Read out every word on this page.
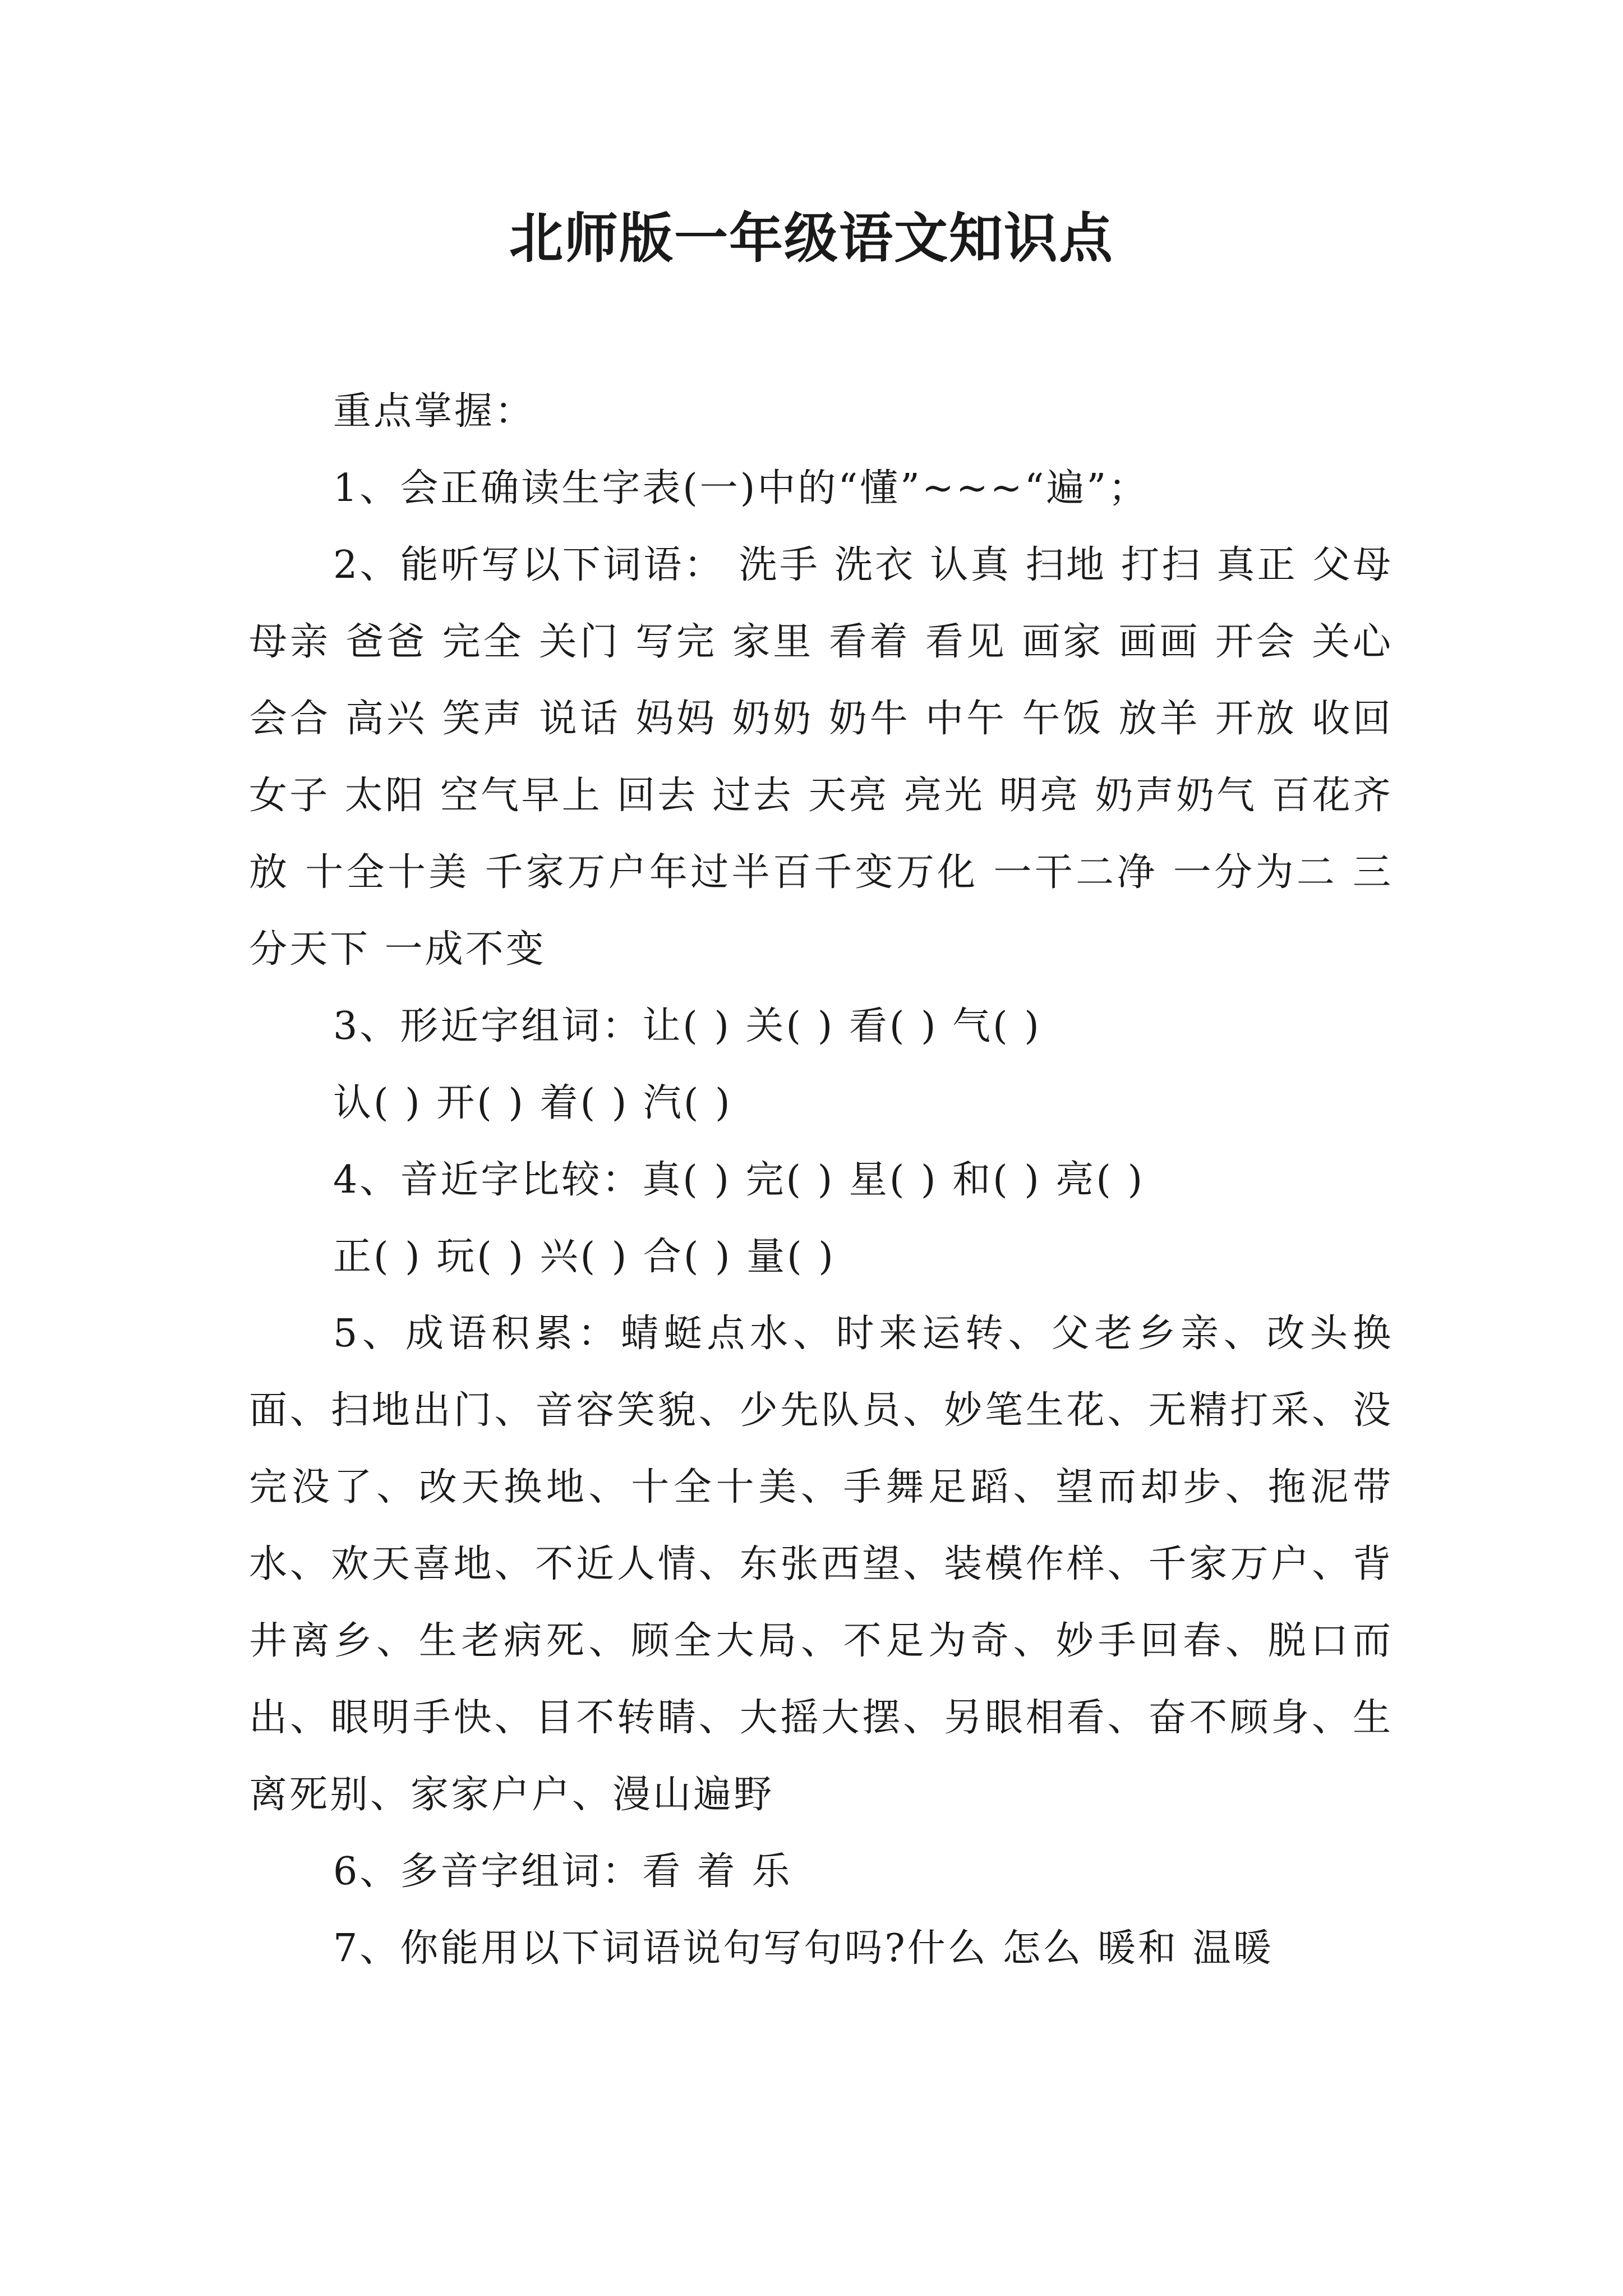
北师版一年级语文知识点

重点掌握：

1、会正确读生字表(一)中的“懂”~~~“遍”；

2、能听写以下词语： 洗手 洗衣 认真 扫地 打扫 真正 父母 母亲 爸爸 完全 关门 写完 家里 看着 看见 画家 画画 开会 关心 会合 高兴 笑声 说话 妈妈 奶奶 奶牛 中午 午饭 放羊 开放 收回 女子 太阳 空气早上 回去 过去 天亮 亮光 明亮 奶声奶气 百花齐放 十全十美 千家万户年过半百千变万化 一干二净 一分为二 三分天下 一成不变

3、形近字组词：让( ) 关( ) 看( ) 气( )

认( ) 开( ) 着( ) 汽( )

4、音近字比较：真( ) 完( ) 星( ) 和( ) 亮( )

正( ) 玩( ) 兴( ) 合( ) 量( )

5、成语积累：蜻蜓点水、时来运转、父老乡亲、改头换面、扫地出门、音容笑貌、少先队员、妙笔生花、无精打采、没完没了、改天换地、十全十美、手舞足蹈、望而却步、拖泥带水、欢天喜地、不近人情、东张西望、装模作样、千家万户、背井离乡、生老病死、顾全大局、不足为奇、妙手回春、脱口而出、眼明手快、目不转睛、大摇大摆、另眼相看、奋不顾身、生离死别、家家户户、漫山遍野

6、多音字组词：看 着 乐

7、你能用以下词语说句写句吗?什么 怎么 暖和 温暖
